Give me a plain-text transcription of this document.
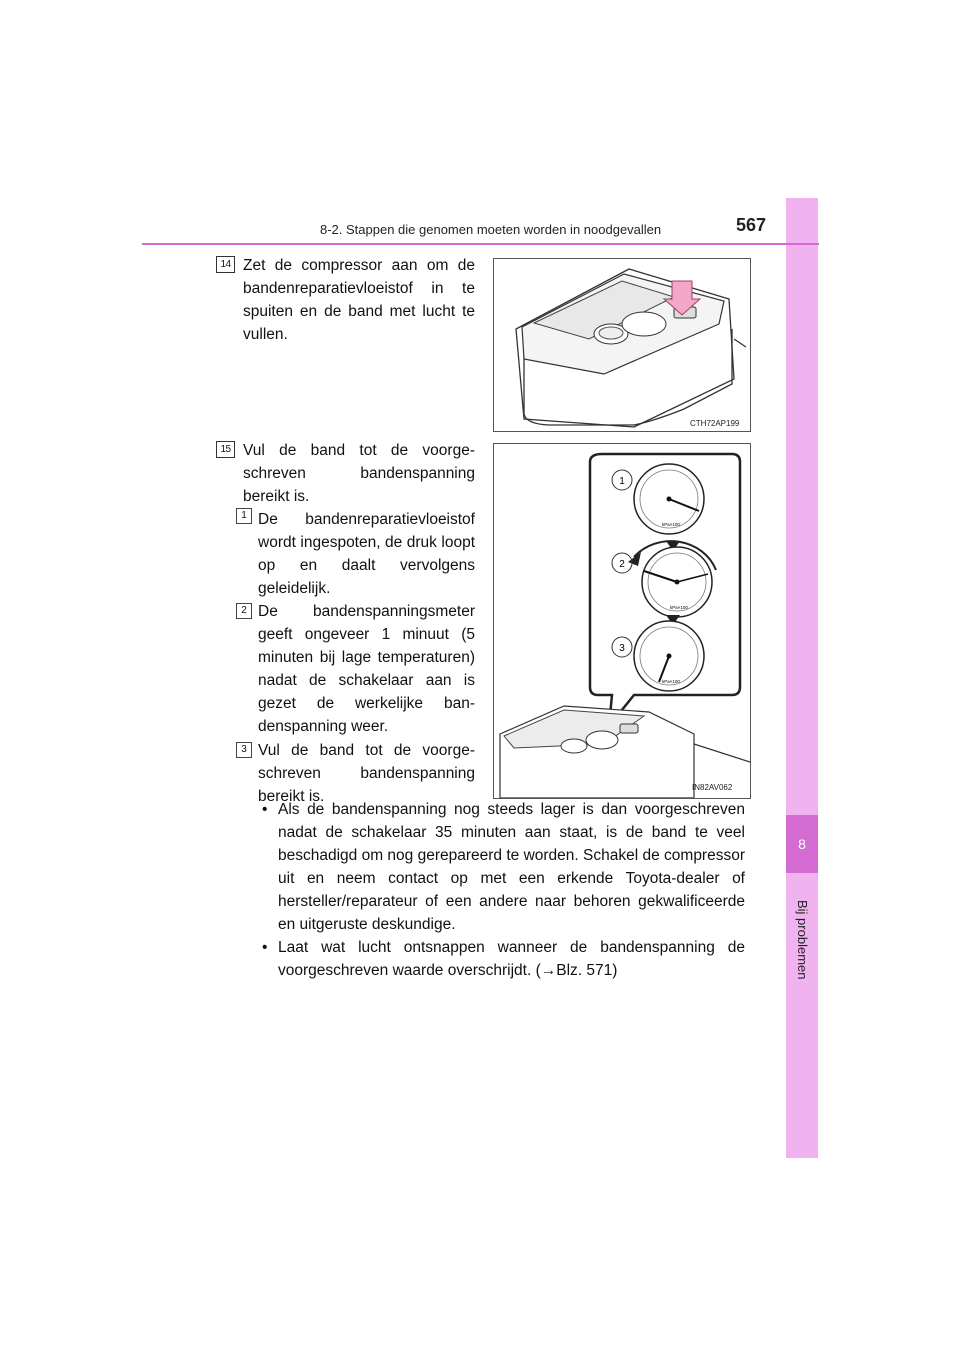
8
Bij problemen
8-2. Stappen die genomen moeten worden in noodgevallen	567
14 Zet de compressor aan om de bandenreparatievloeistof in te spuiten en de band met lucht te vullen.

CTH72AP199
15 Vul de band tot de voorgeschreven bandenspanning bereikt is.

1 De bandenreparatievloeistof wordt ingespoten, de druk loopt op en daalt vervolgens geleidelijk.

2 De bandenspanningsmeter geeft ongeveer 1 minuut (5 minuten bij lage temperaturen) nadat de schakelaar aan is gezet de werkelijke bandenspanning weer.

3 Vul de band tot de voorgeschreven bandenspanning bereikt is.

• Als de bandenspanning nog steeds lager is dan voorgeschreven nadat de schakelaar 35 minuten aan staat, is de band te veel beschadigd om nog gerepareerd te worden. Schakel de compressor uit en neem contact op met een erkende Toyota-dealer of hersteller/reparateur of een andere naar behoren gekwalificeerde en uitgeruste deskundige.
• Laat wat lucht ontsnappen wanneer de bandenspanning de voorgeschreven waarde overschrijdt. (→Blz. 571)
kPa×100
1
kPa×100
2
kPa×100
3
IN82AV062
